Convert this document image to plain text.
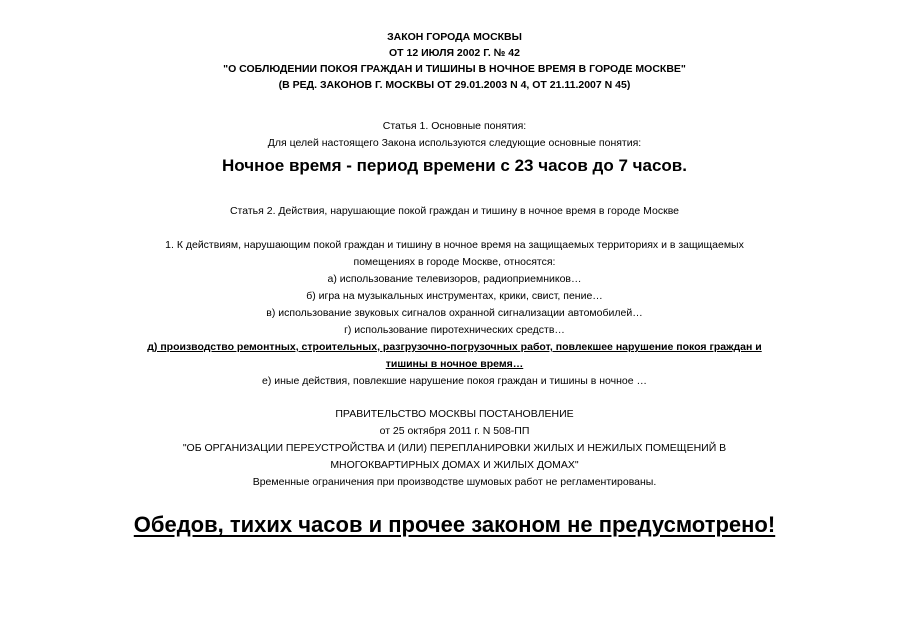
ЗАКОН ГОРОДА МОСКВЫ
ОТ 12 ИЮЛЯ 2002 Г. № 42
"О СОБЛЮДЕНИИ ПОКОЯ ГРАЖДАН И ТИШИНЫ В НОЧНОЕ ВРЕМЯ В ГОРОДЕ МОСКВЕ"
(В РЕД. ЗАКОНОВ Г. МОСКВЫ ОТ 29.01.2003 N 4, ОТ 21.11.2007 N 45)
Статья 1. Основные понятия:
Для целей настоящего Закона используются следующие основные понятия:
Ночное время - период времени с 23 часов до 7 часов.
Статья 2. Действия, нарушающие покой граждан и тишину в ночное время в городе Москве
1. К действиям, нарушающим покой граждан и тишину в ночное время на защищаемых территориях и в защищаемых
помещениях в городе Москве, относятся:
а) использование телевизоров, радиоприемников…
б) игра на музыкальных инструментах, крики, свист, пение…
в) использование звуковых сигналов охранной сигнализации автомобилей…
г) использование пиротехнических средств…
д) производство ремонтных, строительных, разгрузочно-погрузочных работ, повлекшее нарушение покоя граждан и
тишины в ночное время…
е) иные действия, повлекшие нарушение покоя граждан и тишины в ночное …
ПРАВИТЕЛЬСТВО МОСКВЫ ПОСТАНОВЛЕНИЕ
от 25 октября 2011 г. N 508-ПП
"ОБ ОРГАНИЗАЦИИ ПЕРЕУСТРОЙСТВА И (ИЛИ) ПЕРЕПЛАНИРОВКИ ЖИЛЫХ И НЕЖИЛЫХ ПОМЕЩЕНИЙ В
МНОГОКВАРТИРНЫХ ДОМАХ И ЖИЛЫХ ДОМАХ"
Временные ограничения при производстве шумовых работ не регламентированы.
Обедов, тихих часов и прочее законом не предусмотрено!
